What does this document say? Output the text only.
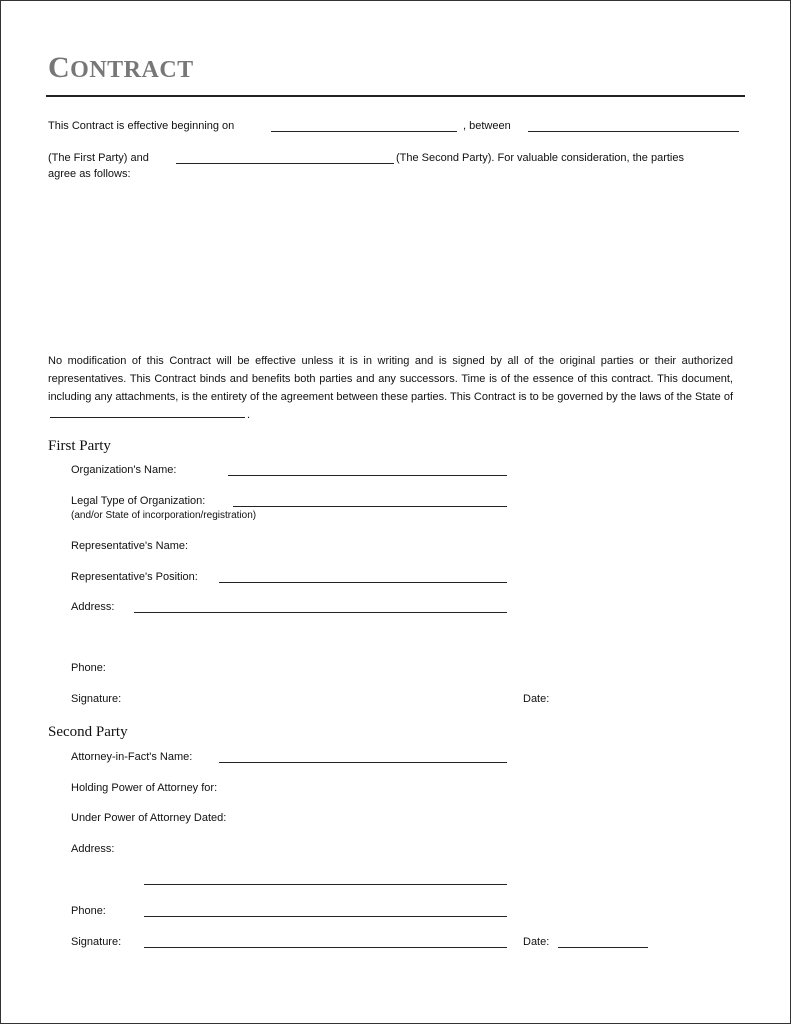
CONTRACT
This Contract is effective beginning on	, between
(The First Party) and	(The Second Party). For valuable consideration, the parties
agree as follows:
No modification of this Contract will be effective unless it is in writing and is signed by all of the original parties or their authorized representatives. This Contract binds and benefits both parties and any successors. Time is of the essence of this contract. This document, including any attachments, is the entirety of the agreement between these parties. This Contract is to be governed by the laws of the State of.
First Party
Organization's Name:
Legal Type of Organization:
(and/or State of incorporation/registration)
Representative's Name:
Representative's Position:
Address:
Phone:
Signature:	Date:
Second Party
Attorney-in-Fact's Name:
Holding Power of Attorney for:
Under Power of Attorney Dated:
Address:
Phone:
Signature:	Date:
